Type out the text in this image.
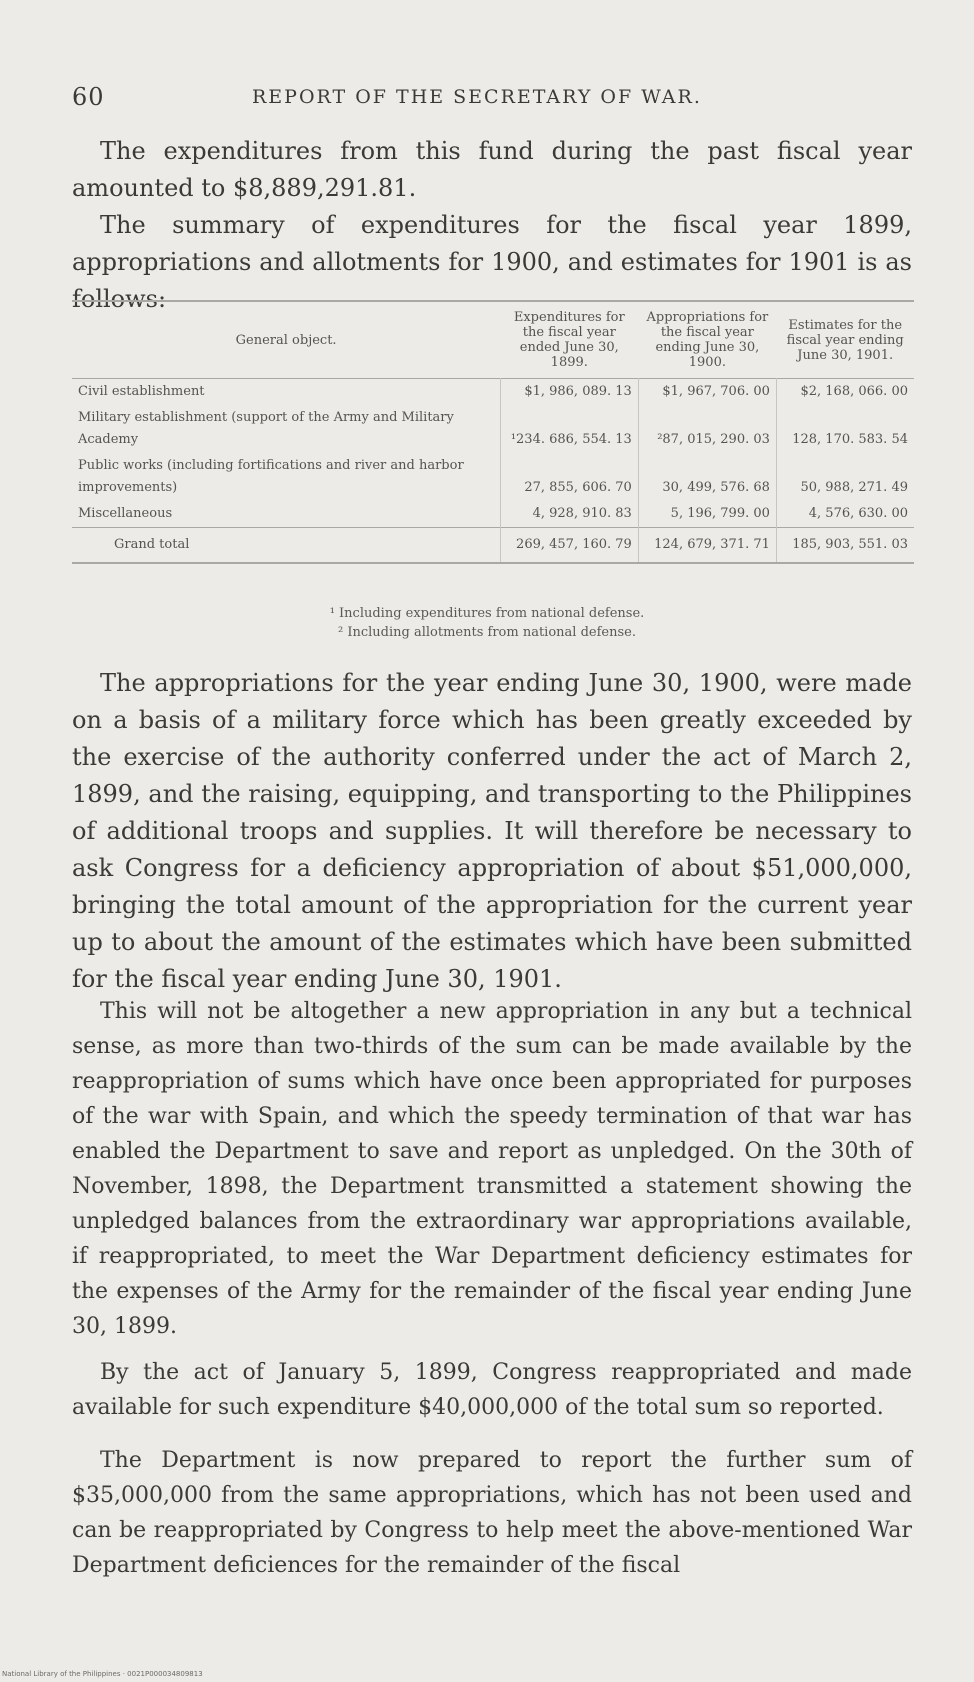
60	REPORT OF THE SECRETARY OF WAR.

The expenditures from this fund during the past fiscal year amounted to $8,889,291.81.

The summary of expenditures for the fiscal year 1899, appropriations and allotments for 1900, and estimates for 1901 is as follows:

General object.	Expenditures for the fiscal year ended June 30, 1899.	Appropriations for the fiscal year ending June 30, 1900.	Estimates for the fiscal year ending June 30, 1901.
Civil establishment	$1, 986, 089. 13	$1, 967, 706. 00	$2, 168, 066. 00
Military establishment (support of the Army and Military Academy	¹234. 686, 554. 13	²87, 015, 290. 03	128, 170. 583. 54
Public works (including fortifications and river and harbor improvements)	27, 855, 606. 70	30, 499, 576. 68	50, 988, 271. 49
Miscellaneous	4, 928, 910. 83	5, 196, 799. 00	4, 576, 630. 00
Grand total	269, 457, 160. 79	124, 679, 371. 71	185, 903, 551. 03
¹ Including expenditures from national defense.
² Including allotments from national defense.

The appropriations for the year ending June 30, 1900, were made on a basis of a military force which has been greatly exceeded by the exercise of the authority conferred under the act of March 2, 1899, and the raising, equipping, and transporting to the Philippines of additional troops and supplies. It will therefore be necessary to ask Congress for a deficiency appropriation of about $51,000,000, bringing the total amount of the appropriation for the current year up to about the amount of the estimates which have been submitted for the fiscal year ending June 30, 1901.

This will not be altogether a new appropriation in any but a technical sense, as more than two-thirds of the sum can be made available by the reappropriation of sums which have once been appropriated for purposes of the war with Spain, and which the speedy termination of that war has enabled the Department to save and report as unpledged. On the 30th of November, 1898, the Department transmitted a statement showing the unpledged balances from the extraordinary war appropriations available, if reappropriated, to meet the War Department deficiency estimates for the expenses of the Army for the remainder of the fiscal year ending June 30, 1899.

By the act of January 5, 1899, Congress reappropriated and made available for such expenditure $40,000,000 of the total sum so reported.

The Department is now prepared to report the further sum of $35,000,000 from the same appropriations, which has not been used and can be reappropriated by Congress to help meet the above-mentioned War Department deficiences for the remainder of the fiscal

National Library of the Philippines · 0021P000034809813
